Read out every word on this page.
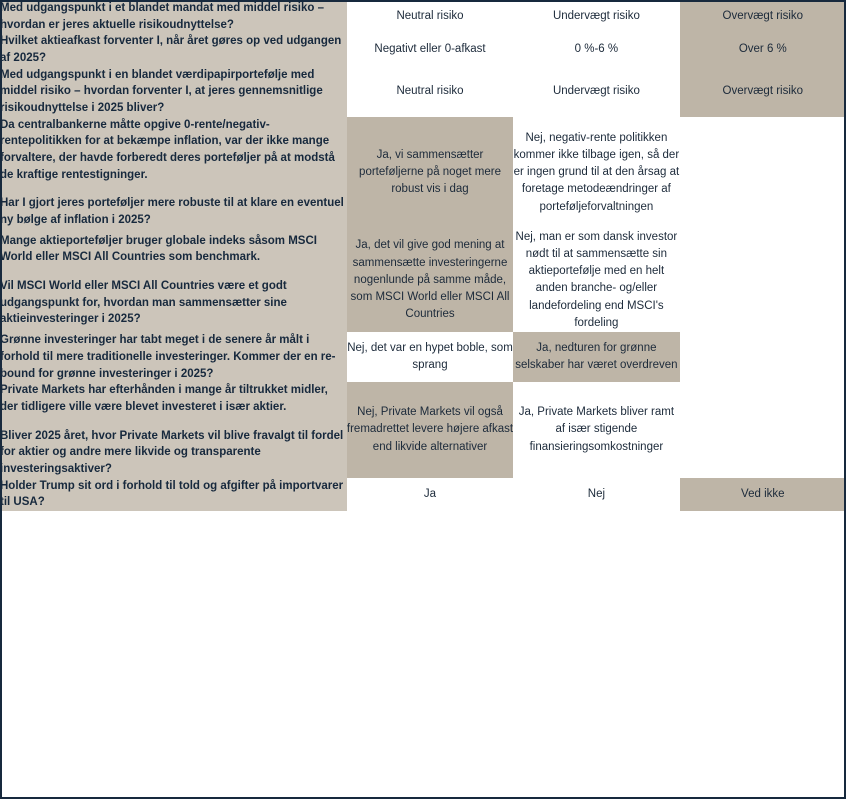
Med udgangspunkt i et blandet mandat med middel risiko – hvordan er jeres aktuelle risikoudnyttelse?	Neutral risiko	Undervægt risiko	Overvægt risiko

Hvilket aktieafkast forventer I, når året gøres op ved udgangen af 2025?	Negativt eller 0-afkast	0 %-6 %	Over 6 %

Med udgangspunkt i en blandet værdipapirportefølje med middel risiko – hvordan forventer I, at jeres gennemsnitlige risikoudnyttelse i 2025 bliver?	Neutral risiko	Undervægt risiko	Overvægt risiko

Da centralbankerne måtte opgive 0-rente/negativ-rentepolitikken for at bekæmpe inflation, var der ikke mange forvaltere, der havde forberedt deres porteføljer på at modstå de kraftige rentestigninger.

Har I gjort jeres porteføljer mere robuste til at klare en eventuel ny bølge af inflation i 2025?	Ja, vi sammensætter porteføljerne på noget mere robust vis i dag	Nej, negativ-rente politikken kommer ikke tilbage igen, så der er ingen grund til at den årsag at foretage metodeændringer af porteføljeforvaltningen	

Mange aktieporteføljer bruger globale indeks såsom MSCI World eller MSCI All Countries som benchmark.

Vil MSCI World eller MSCI All Countries være et godt udgangspunkt for, hvordan man sammensætter sine aktieinvesteringer i 2025?	Ja, det vil give god mening at sammensætte investeringerne nogenlunde på samme måde, som MSCI World eller MSCI All Countries	Nej, man er som dansk investor nødt til at sammensætte sin aktieportefølje med en helt anden branche- og/eller landefordeling end MSCI's fordeling	

Grønne investeringer har tabt meget i de senere år målt i forhold til mere traditionelle investeringer. Kommer der en re-bound for grønne investeringer i 2025?	Nej, det var en hypet boble, som sprang	Ja, nedturen for grønne selskaber har været overdreven	

Private Markets har efterhånden i mange år tiltrukket midler, der tidligere ville være blevet investeret i især aktier.

Bliver 2025 året, hvor Private Markets vil blive fravalgt til fordel for aktier og andre mere likvide og transparente investeringsaktiver?	Nej, Private Markets vil også fremadrettet levere højere afkast end likvide alternativer	Ja, Private Markets bliver ramt af især stigende finansieringsomkostninger	

Holder Trump sit ord i forhold til told og afgifter på importvarer til USA?	Ja	Nej	Ved ikke
